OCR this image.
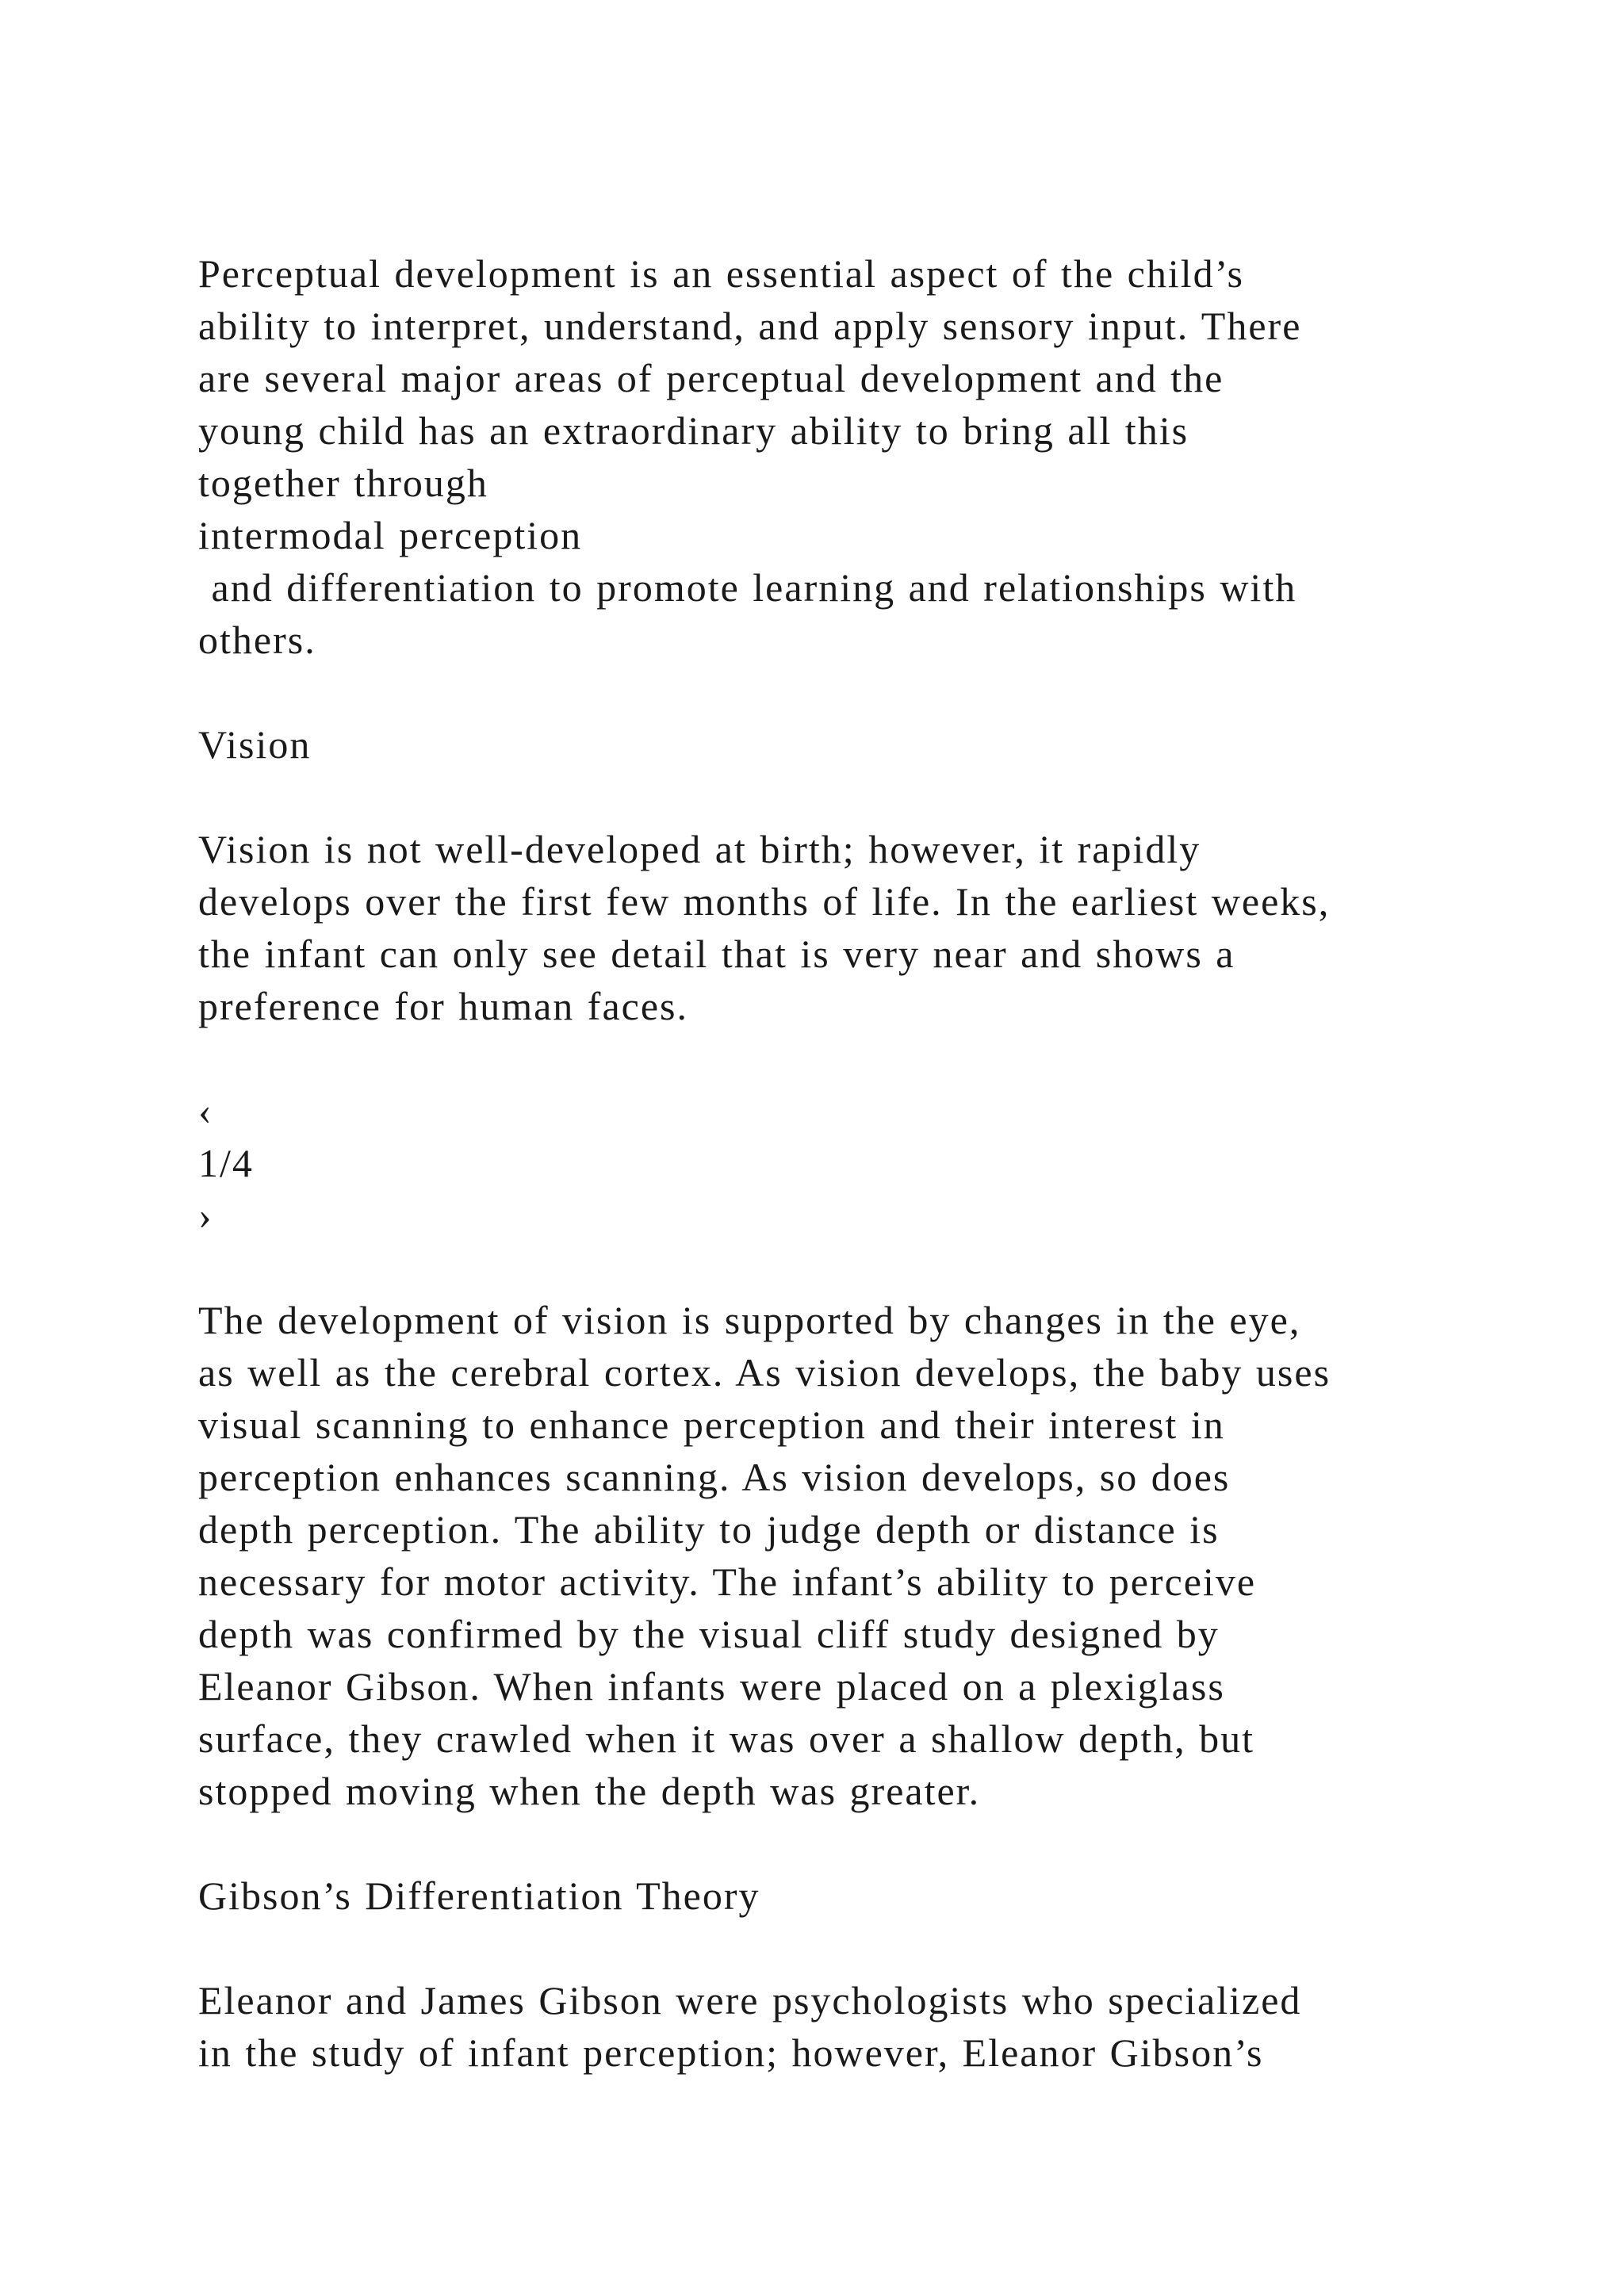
Perceptual development is an essential aspect of the child’s
ability to interpret, understand, and apply sensory input. There
are several major areas of perceptual development and the
young child has an extraordinary ability to bring all this
together through
intermodal perception
and differentiation to promote learning and relationships with
others.
Vision
Vision is not well-developed at birth; however, it rapidly
develops over the first few months of life. In the earliest weeks,
the infant can only see detail that is very near and shows a
preference for human faces.
‹
1/4
›
The development of vision is supported by changes in the eye,
as well as the cerebral cortex. As vision develops, the baby uses
visual scanning to enhance perception and their interest in
perception enhances scanning. As vision develops, so does
depth perception. The ability to judge depth or distance is
necessary for motor activity. The infant’s ability to perceive
depth was confirmed by the visual cliff study designed by
Eleanor Gibson. When infants were placed on a plexiglass
surface, they crawled when it was over a shallow depth, but
stopped moving when the depth was greater.
Gibson’s Differentiation Theory
Eleanor and James Gibson were psychologists who specialized
in the study of infant perception; however, Eleanor Gibson’s
